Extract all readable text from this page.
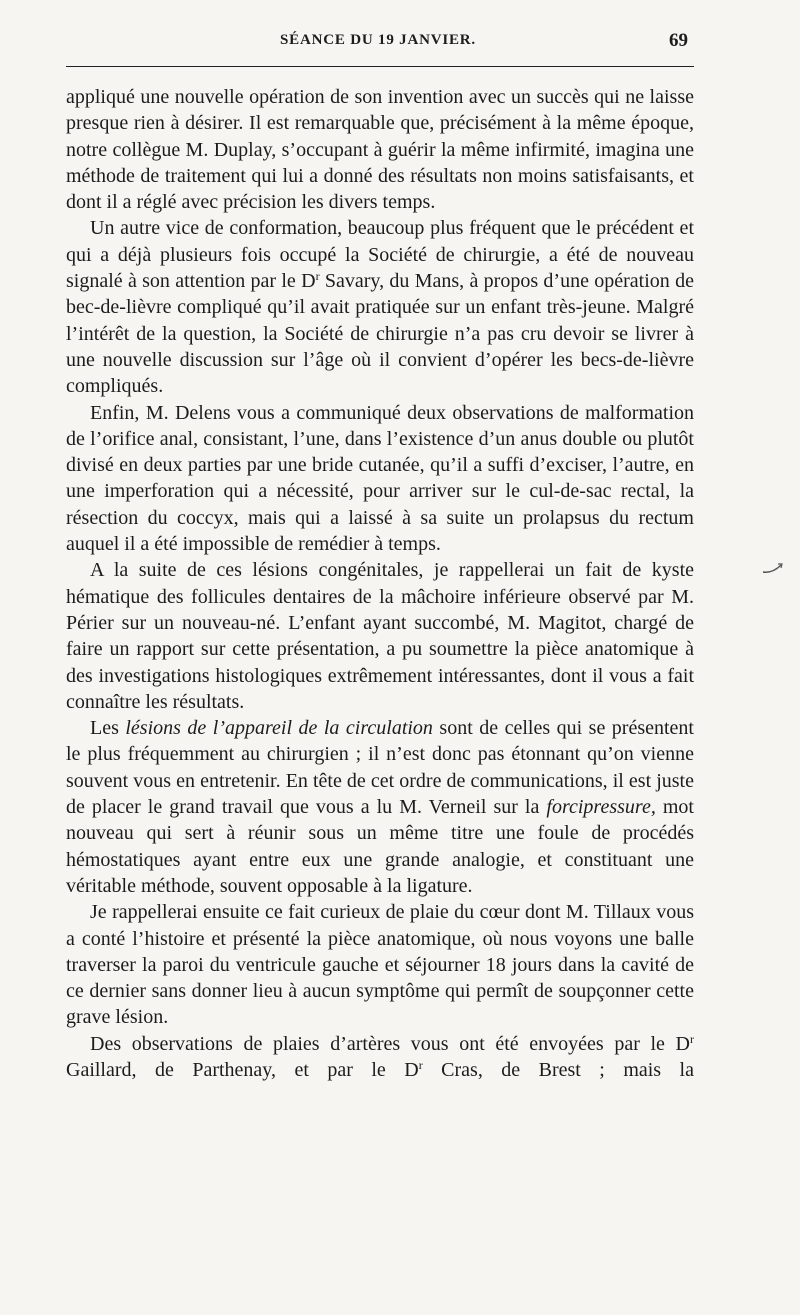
SÉANCE DU 19 JANVIER.	69

appliqué une nouvelle opération de son invention avec un succès qui ne laisse presque rien à désirer. Il est remarquable que, précisément à la même époque, notre collègue M. Duplay, s’occupant à guérir la même infirmité, imagina une méthode de traitement qui lui a donné des résultats non moins satisfaisants, et dont il a réglé avec précision les divers temps.

Un autre vice de conformation, beaucoup plus fréquent que le précédent et qui a déjà plusieurs fois occupé la Société de chirurgie, a été de nouveau signalé à son attention par le $D^r$ Savary, du Mans, à propos d’une opération de bec-de-lièvre compliqué qu’il avait pratiquée sur un enfant très-jeune. Malgré l’intérêt de la question, la Société de chirurgie n’a pas cru devoir se livrer à une nouvelle discussion sur l’âge où il convient d’opérer les becs-de-lièvre compliqués.

Enfin, M. Delens vous a communiqué deux observations de malformation de l’orifice anal, consistant, l’une, dans l’existence d’un anus double ou plutôt divisé en deux parties par une bride cutanée, qu’il a suffi d’exciser, l’autre, en une imperforation qui a nécessité, pour arriver sur le cul-de-sac rectal, la résection du coccyx, mais qui a laissé à sa suite un prolapsus du rectum auquel il a été impossible de remédier à temps.

A la suite de ces lésions congénitales, je rappellerai un fait de kyste hématique des follicules dentaires de la mâchoire inférieure observé par M. Périer sur un nouveau-né. L’enfant ayant succombé, M. Magitot, chargé de faire un rapport sur cette présentation, a pu soumettre la pièce anatomique à des investigations histologiques extrêmement intéressantes, dont il vous a fait connaître les résultats.

Les lésions de l’appareil de la circulation sont de celles qui se présentent le plus fréquemment au chirurgien ; il n’est donc pas étonnant qu’on vienne souvent vous en entretenir. En tête de cet ordre de communications, il est juste de placer le grand travail que vous a lu M. Verneil sur la forcipressure, mot nouveau qui sert à réunir sous un même titre une foule de procédés hémostatiques ayant entre eux une grande analogie, et constituant une véritable méthode, souvent opposable à la ligature.

Je rappellerai ensuite ce fait curieux de plaie du cœur dont M. Tillaux vous a conté l’histoire et présenté la pièce anatomique, où nous voyons une balle traverser la paroi du ventricule gauche et séjourner 18 jours dans la cavité de ce dernier sans donner lieu à aucun symptôme qui permît de soupçonner cette grave lésion.

Des observations de plaies d’artères vous ont été envoyées par le $D^r$ Gaillard, de Parthenay, et par le $D^r$ Cras, de Brest ; mais la
